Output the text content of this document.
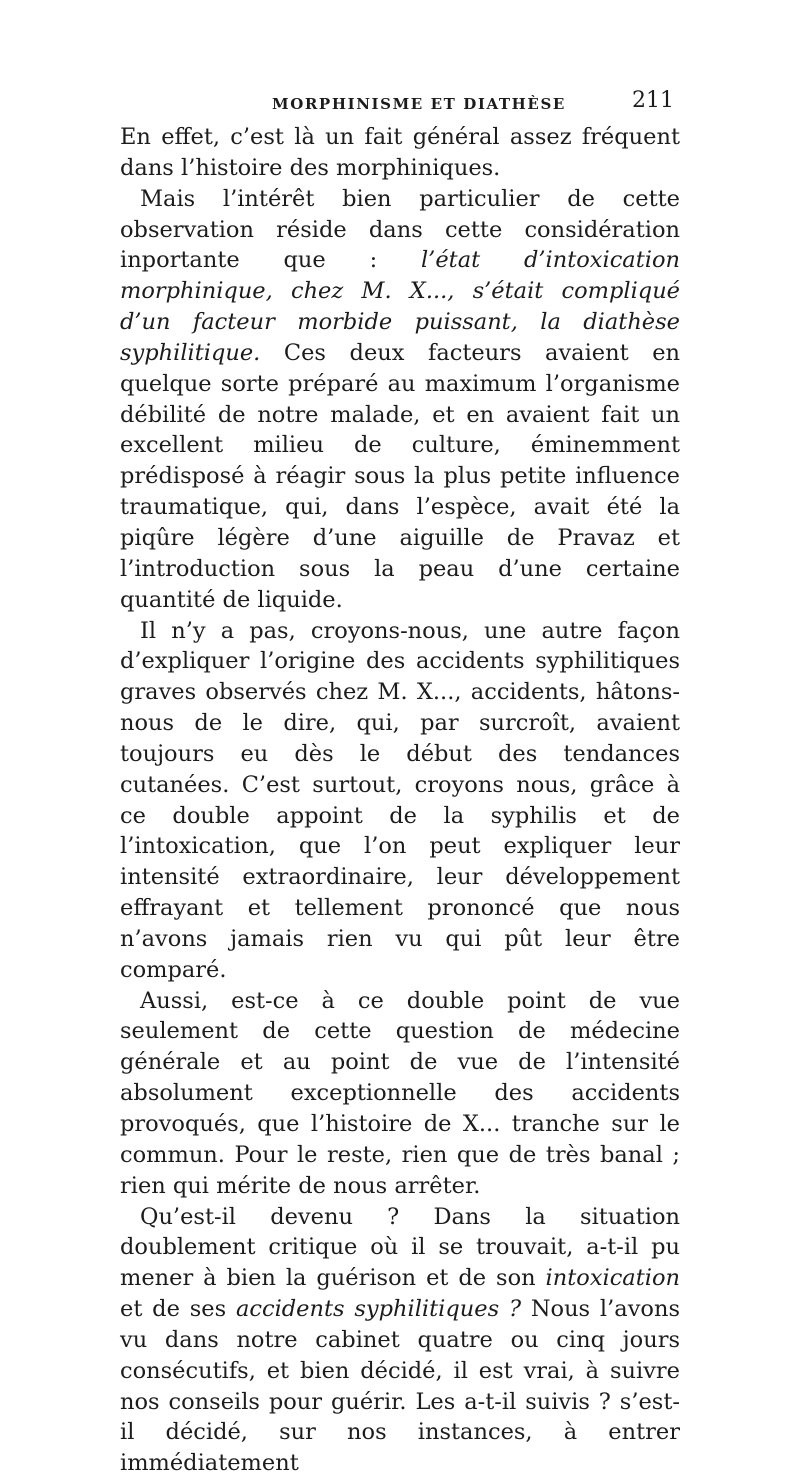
MORPHINISME ET DIATHÈSE	211

En effet, c’est là un fait général assez fréquent dans l’histoire des morphiniques.

Mais l’intérêt bien particulier de cette observation réside dans cette considération inportante que : l’état d’intoxication morphinique, chez M. X..., s’était compliqué d’un facteur morbide puissant, la diathèse syphilitique. Ces deux facteurs avaient en quelque sorte préparé au maximum l’organisme débilité de notre malade, et en avaient fait un excellent milieu de culture, éminemment prédisposé à réagir sous la plus petite influence traumatique, qui, dans l’espèce, avait été la piqûre légère d’une aiguille de Pravaz et l’introduction sous la peau d’une certaine quantité de liquide.

Il n’y a pas, croyons-nous, une autre façon d’expliquer l’origine des accidents syphilitiques graves observés chez M. X..., accidents, hâtons-nous de le dire, qui, par surcroît, avaient toujours eu dès le début des tendances cutanées. C’est surtout, croyons nous, grâce à ce double appoint de la syphilis et de l’intoxication, que l’on peut expliquer leur intensité extraordinaire, leur développement effrayant et tellement prononcé que nous n’avons jamais rien vu qui pût leur être comparé.

Aussi, est-ce à ce double point de vue seulement de cette question de médecine générale et au point de vue de l’intensité absolument exceptionnelle des accidents provoqués, que l’histoire de X... tranche sur le commun. Pour le reste, rien que de très banal ; rien qui mérite de nous arrêter.

Qu’est-il devenu ? Dans la situation doublement critique où il se trouvait, a-t-il pu mener à bien la guérison et de son intoxication et de ses accidents syphilitiques ? Nous l’avons vu dans notre cabinet quatre ou cinq jours consécutifs, et bien décidé, il est vrai, à suivre nos conseils pour guérir. Les a-t-il suivis ? s’est-il décidé, sur nos instances, à entrer immédiatement
